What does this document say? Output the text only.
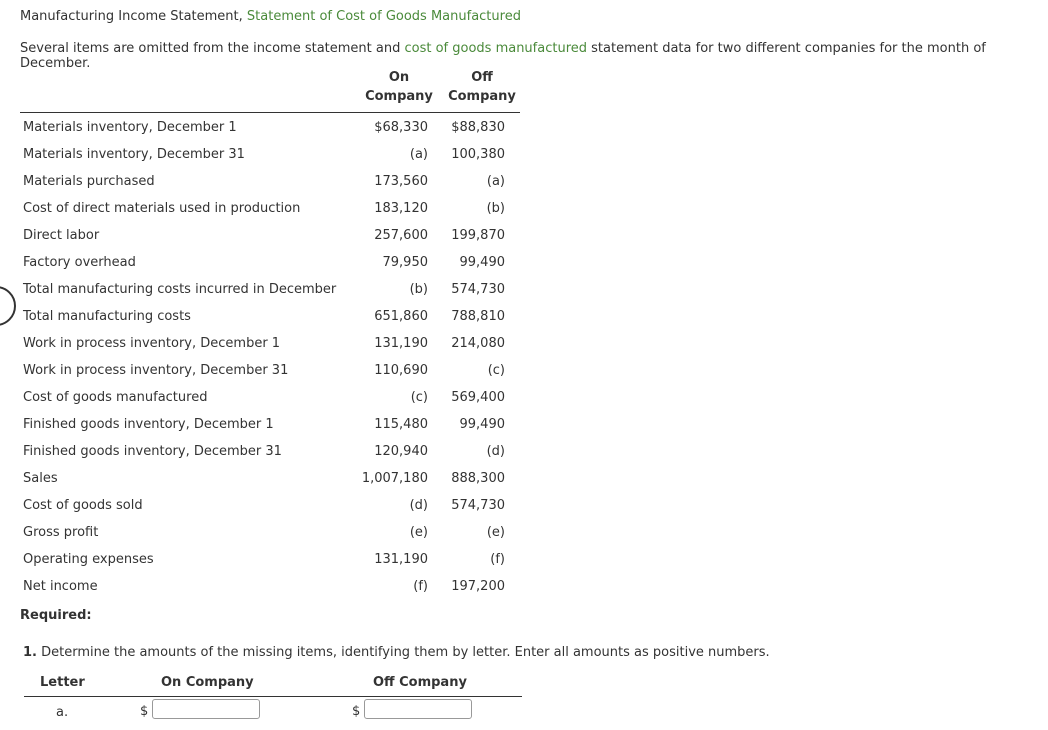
Manufacturing Income Statement, Statement of Cost of Goods Manufactured
Several items are omitted from the income statement and cost of goods manufactured statement data for two different companies for the month of December.
On
Company
Off
Company
Materials inventory, December 1	$68,330	$88,830
Materials inventory, December 31	(a)	100,380
Materials purchased	173,560	(a)
Cost of direct materials used in production	183,120	(b)
Direct labor	257,600	199,870
Factory overhead	79,950	99,490
Total manufacturing costs incurred in December	(b)	574,730
Total manufacturing costs	651,860	788,810
Work in process inventory, December 1	131,190	214,080
Work in process inventory, December 31	110,690	(c)
Cost of goods manufactured	(c)	569,400
Finished goods inventory, December 1	115,480	99,490
Finished goods inventory, December 31	120,940	(d)
Sales	1,007,180	888,300
Cost of goods sold	(d)	574,730
Gross profit	(e)	(e)
Operating expenses	131,190	(f)
Net income	(f)	197,200
Required:
1. Determine the amounts of the missing items, identifying them by letter. Enter all amounts as positive numbers.
Letter	On Company	Off Company
a.	$	$
